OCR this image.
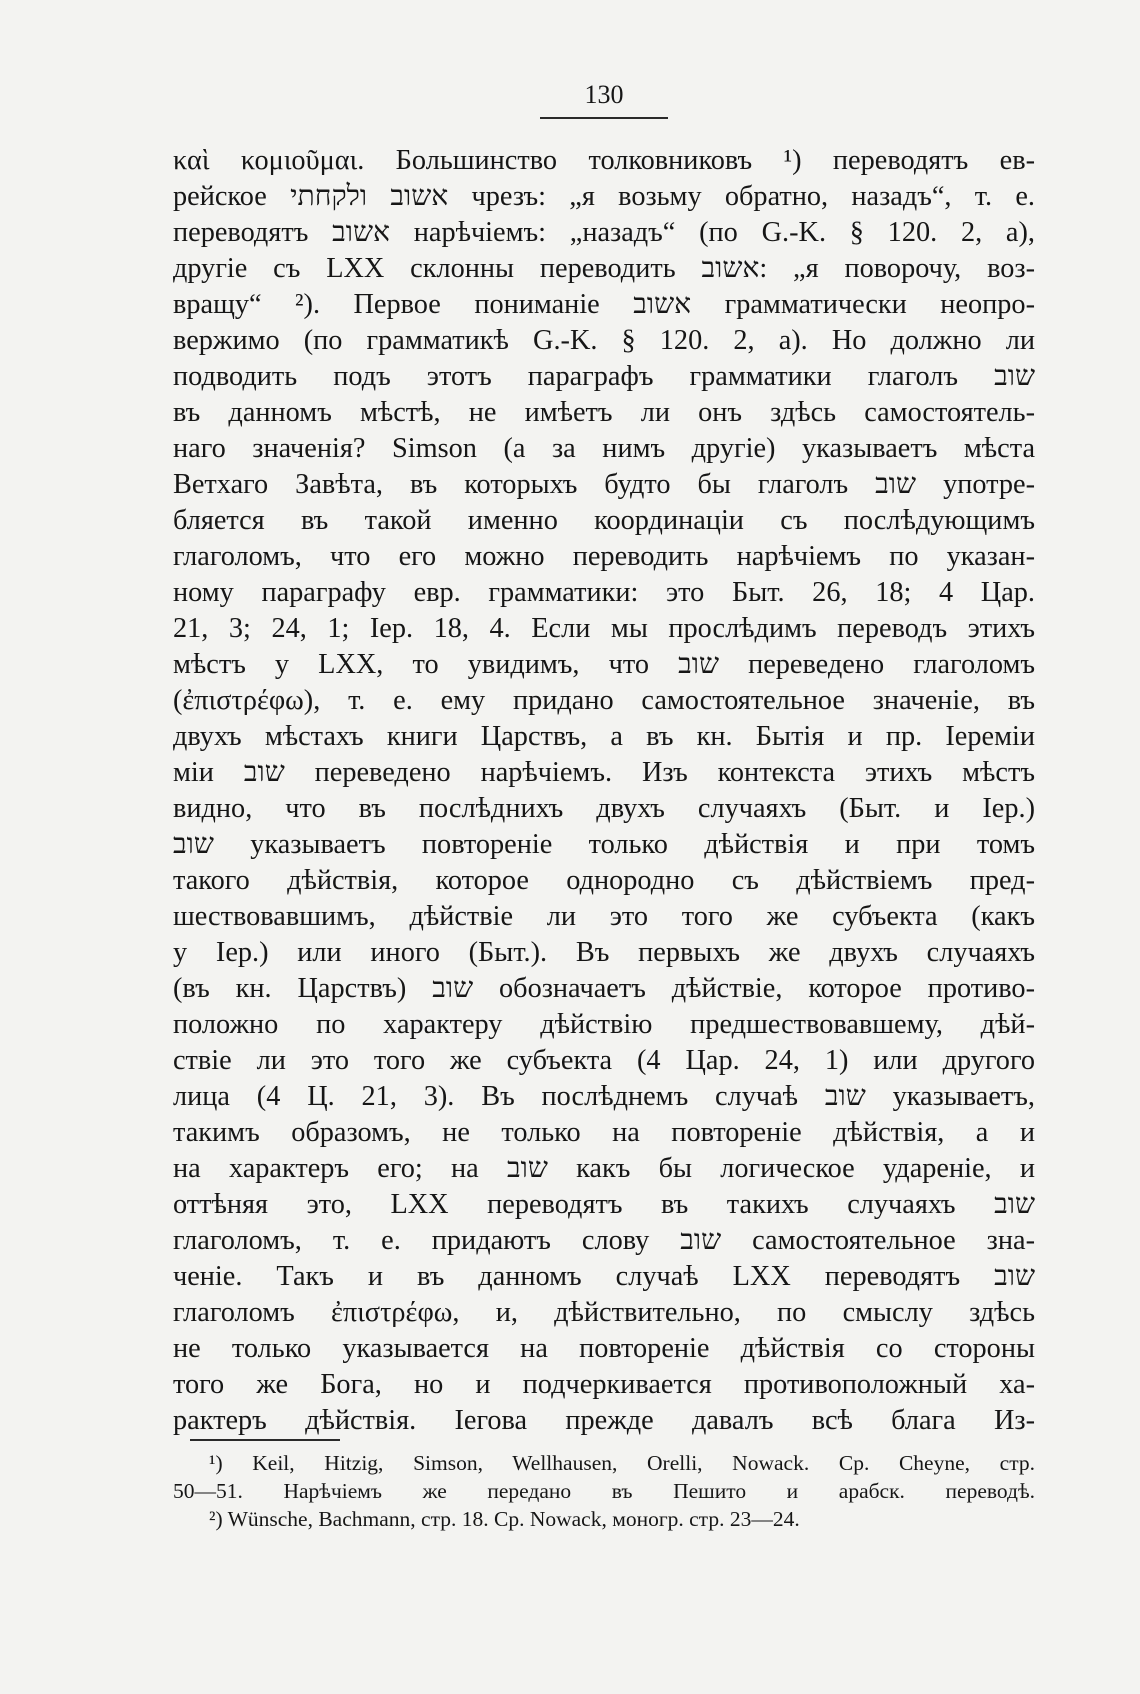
130
καὶ κομιοῦμαι. Большинство толковниковъ ¹) переводятъ ев-
рейское אשוב ולקחתי чрезъ: „я возьму обратно, назадъ“, т. е.
переводятъ אשוב нарѣчіемъ: „назадъ“ (по G.-K. § 120. 2, a),
другіе съ LXX склонны переводить אשוב: „я поворочу, воз-
вращу“ ²). Первое пониманіе אשוב грамматически неопро-
вержимо (по грамматикѣ G.-K. § 120. 2, a). Но должно ли
подводить подъ этотъ параграфъ грамматики глаголъ שוב
въ данномъ мѣстѣ, не имѣетъ ли онъ здѣсь самостоятель-
наго значенія? Simson (а за нимъ другіе) указываетъ мѣста
Ветхаго Завѣта, въ которыхъ будто бы глаголъ שוב употре-
бляется въ такой именно координаціи съ послѣдующимъ
глаголомъ, что его можно переводить нарѣчіемъ по указан-
ному параграфу евр. грамматики: это Быт. 26, 18; 4 Цар.
21, 3; 24, 1; Іер. 18, 4. Если мы прослѣдимъ переводъ этихъ
мѣстъ у LXX, то увидимъ, что שוב переведено глаголомъ
(ἐπιστρέφω), т. е. ему придано самостоятельное значеніе, въ
двухъ мѣстахъ книги Царствъ, а въ кн. Бытія и пр. Іереміи
міи שוב переведено нарѣчіемъ. Изъ контекста этихъ мѣстъ
видно, что въ послѣднихъ двухъ случаяхъ (Быт. и Іер.)
שוב указываетъ повтореніе только дѣйствія и при томъ
такого дѣйствія, которое однородно съ дѣйствіемъ пред-
шествовавшимъ, дѣйствіе ли это того же субъекта (какъ
у Іер.) или иного (Быт.). Въ первыхъ же двухъ случаяхъ
(въ кн. Царствъ) שוב обозначаетъ дѣйствіе, которое противо-
положно по характеру дѣйствію предшествовавшему, дѣй-
ствіе ли это того же субъекта (4 Цар. 24, 1) или другого
лица (4 Ц. 21, 3). Въ послѣднемъ случаѣ שוב указываетъ,
такимъ образомъ, не только на повтореніе дѣйствія, а и
на характеръ его; на שוב какъ бы логическое удареніе, и
оттѣняя это, LXX переводятъ въ такихъ случаяхъ שוב
глаголомъ, т. е. придаютъ слову שוב самостоятельное зна-
ченіе. Такъ и въ данномъ случаѣ LXX переводятъ שוב
глаголомъ ἐπιστρέφω, и, дѣйствительно, по смыслу здѣсь
не только указывается на повтореніе дѣйствія со стороны
того же Бога, но и подчеркивается противоположный ха-
рактеръ дѣйствія. Іегова прежде давалъ всѣ блага Из-
¹) Keil, Hitzig, Simson, Wellhausen, Orelli, Nowack. Ср. Cheyne, стр.
50—51. Нарѣчіемъ же передано въ Пешито и арабск. переводѣ.
²) Wünsche, Bachmann, стр. 18. Ср. Nowack, моногр. стр. 23—24.
